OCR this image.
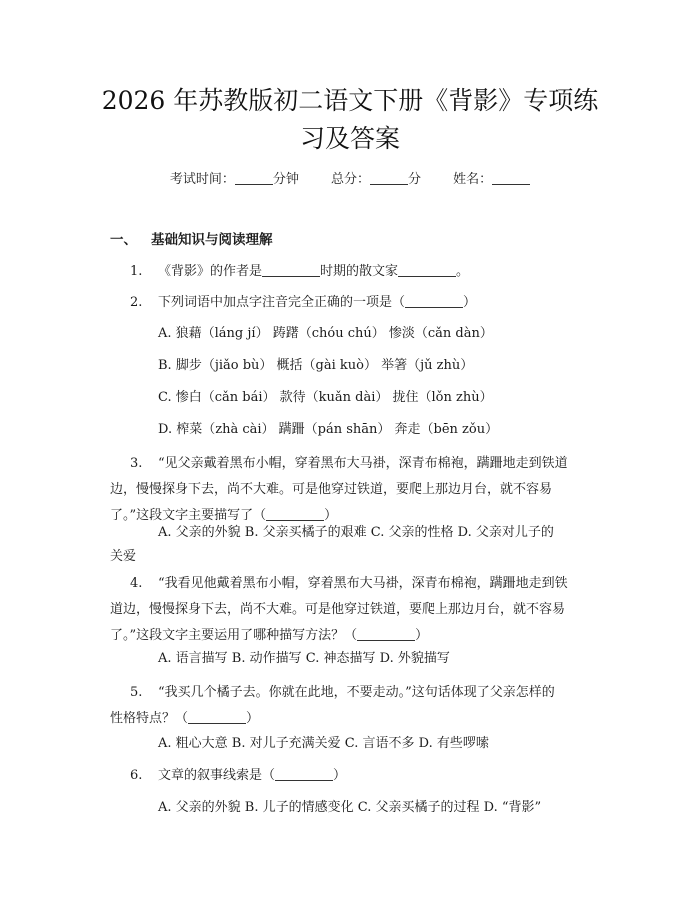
2026 年苏教版初二语文下册《背影》专项练
习及答案
考试时间：	分钟 总分：	分 姓名：
一、 基础知识与阅读理解
1. 《背影》的作者是	时期的散文家	。
2. 下列词语中加点字注音完全正确的一项是（	）
A. 狼藉（láng jí） 踌躇（chóu chú） 惨淡（cǎn dàn）
B. 脚步（jiǎo bù） 概括（gài kuò） 举箸（jǔ zhù）
C. 惨白（cǎn bái） 款待（kuǎn dài） 拢住（lǒn zhù）
D. 榨菜（zhà cài） 蹒跚（pán shān） 奔走（bēn zǒu）
3. “见父亲戴着黑布小帽，穿着黑布大马褂，深青布棉袍，蹒跚地走到铁道
边，慢慢探身下去，尚不大难。可是他穿过铁道，要爬上那边月台，就不容易
了。”这段文字主要描写了（	）
A. 父亲的外貌 B. 父亲买橘子的艰难 C. 父亲的性格 D. 父亲对儿子的
关爱
4. “我看见他戴着黑布小帽，穿着黑布大马褂，深青布棉袍，蹒跚地走到铁
道边，慢慢探身下去，尚不大难。可是他穿过铁道，要爬上那边月台，就不容易
了。”这段文字主要运用了哪种描写方法？（	）
A. 语言描写 B. 动作描写 C. 神态描写 D. 外貌描写
5. “我买几个橘子去。你就在此地，不要走动。”这句话体现了父亲怎样的
性格特点？（	）
A. 粗心大意 B. 对儿子充满关爱 C. 言语不多 D. 有些啰嗦
6. 文章的叙事线索是（	）
A. 父亲的外貌 B. 儿子的情感变化 C. 父亲买橘子的过程 D. “背影”
